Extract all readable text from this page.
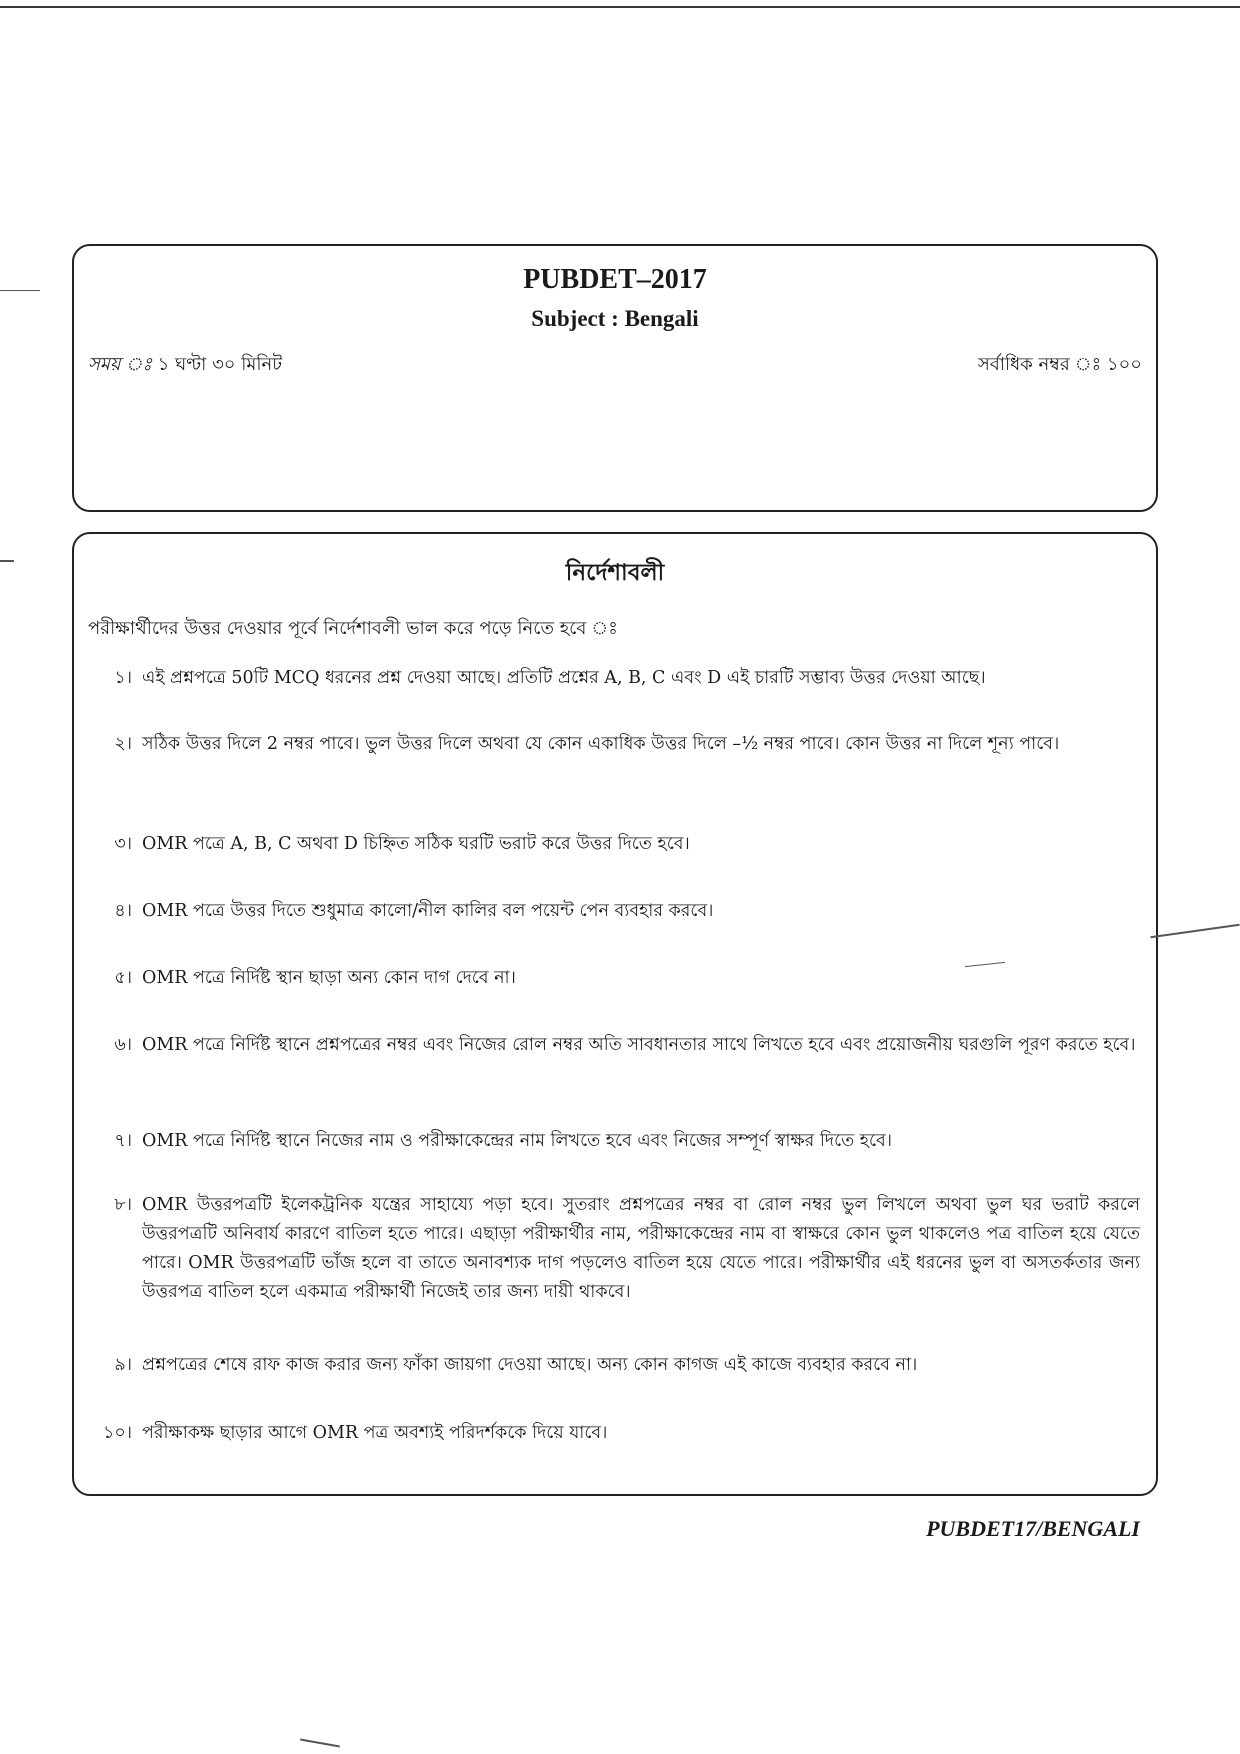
PUBDET–2017
Subject : Bengali
সময় ঃ ১ ঘণ্টা ৩০ মিনিট	সর্বাধিক নম্বর ঃ ১০০
নির্দেশাবলী
পরীক্ষার্থীদের উত্তর দেওয়ার পূর্বে নির্দেশাবলী ভাল করে পড়ে নিতে হবে ঃ
১। এই প্রশ্নপত্রে 50টি MCQ ধরনের প্রশ্ন দেওয়া আছে। প্রতিটি প্রশ্নের A, B, C এবং D এই চারটি সম্ভাব্য উত্তর দেওয়া আছে।
২। সঠিক উত্তর দিলে 2 নম্বর পাবে। ভুল উত্তর দিলে অথবা যে কোন একাধিক উত্তর দিলে –½ নম্বর পাবে। কোন উত্তর না দিলে শূন্য পাবে।
৩। OMR পত্রে A, B, C অথবা D চিহ্নিত সঠিক ঘরটি ভরাট করে উত্তর দিতে হবে।
৪। OMR পত্রে উত্তর দিতে শুধুমাত্র কালো/নীল কালির বল পয়েন্ট পেন ব্যবহার করবে।
৫। OMR পত্রে নির্দিষ্ট স্থান ছাড়া অন্য কোন দাগ দেবে না।
৬। OMR পত্রে নির্দিষ্ট স্থানে প্রশ্নপত্রের নম্বর এবং নিজের রোল নম্বর অতি সাবধানতার সাথে লিখতে হবে এবং প্রয়োজনীয় ঘরগুলি পূরণ করতে হবে।
৭। OMR পত্রে নির্দিষ্ট স্থানে নিজের নাম ও পরীক্ষাকেন্দ্রের নাম লিখতে হবে এবং নিজের সম্পূর্ণ স্বাক্ষর দিতে হবে।
৮। OMR উত্তরপত্রটি ইলেকট্রনিক যন্ত্রের সাহায্যে পড়া হবে। সুতরাং প্রশ্নপত্রের নম্বর বা রোল নম্বর ভুল লিখলে অথবা ভুল ঘর ভরাট করলে উত্তরপত্রটি অনিবার্য কারণে বাতিল হতে পারে। এছাড়া পরীক্ষার্থীর নাম, পরীক্ষাকেন্দ্রের নাম বা স্বাক্ষরে কোন ভুল থাকলেও পত্র বাতিল হয়ে যেতে পারে। OMR উত্তরপত্রটি ভাঁজ হলে বা তাতে অনাবশ্যক দাগ পড়লেও বাতিল হয়ে যেতে পারে। পরীক্ষার্থীর এই ধরনের ভুল বা অসতর্কতার জন্য উত্তরপত্র বাতিল হলে একমাত্র পরীক্ষার্থী নিজেই তার জন্য দায়ী থাকবে।
৯। প্রশ্নপত্রের শেষে রাফ কাজ করার জন্য ফাঁকা জায়গা দেওয়া আছে। অন্য কোন কাগজ এই কাজে ব্যবহার করবে না।
১০। পরীক্ষাকক্ষ ছাড়ার আগে OMR পত্র অবশ্যই পরিদর্শককে দিয়ে যাবে।
PUBDET17/BENGALI
